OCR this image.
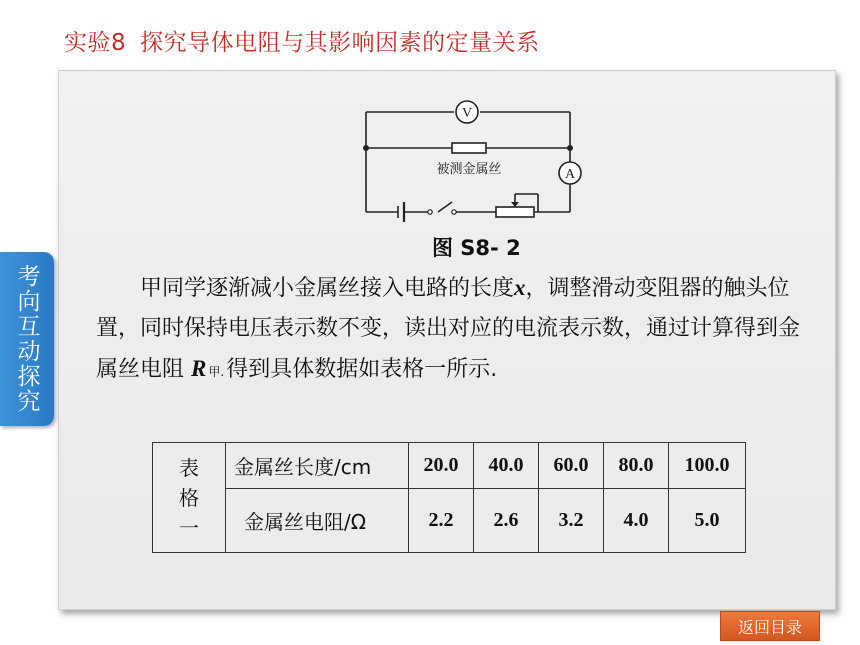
实验8 探究导体电阻与其影响因素的定量关系
考向互动探究
V
A
被测金属丝
图 S8- 2

甲同学逐渐减小金属丝接入电路的长度x，调整滑动变阻器的触头位置，同时保持电压表示数不变，读出对应的电流表示数，通过计算得到金属丝电阻 R 甲.得到具体数据如表格一所示.

表
格
一	金属丝长度/cm	20.0	40.0	60.0	80.0	100.0
	金属丝电阻/Ω	2.2	2.6	3.2	4.0	5.0
返回目录
